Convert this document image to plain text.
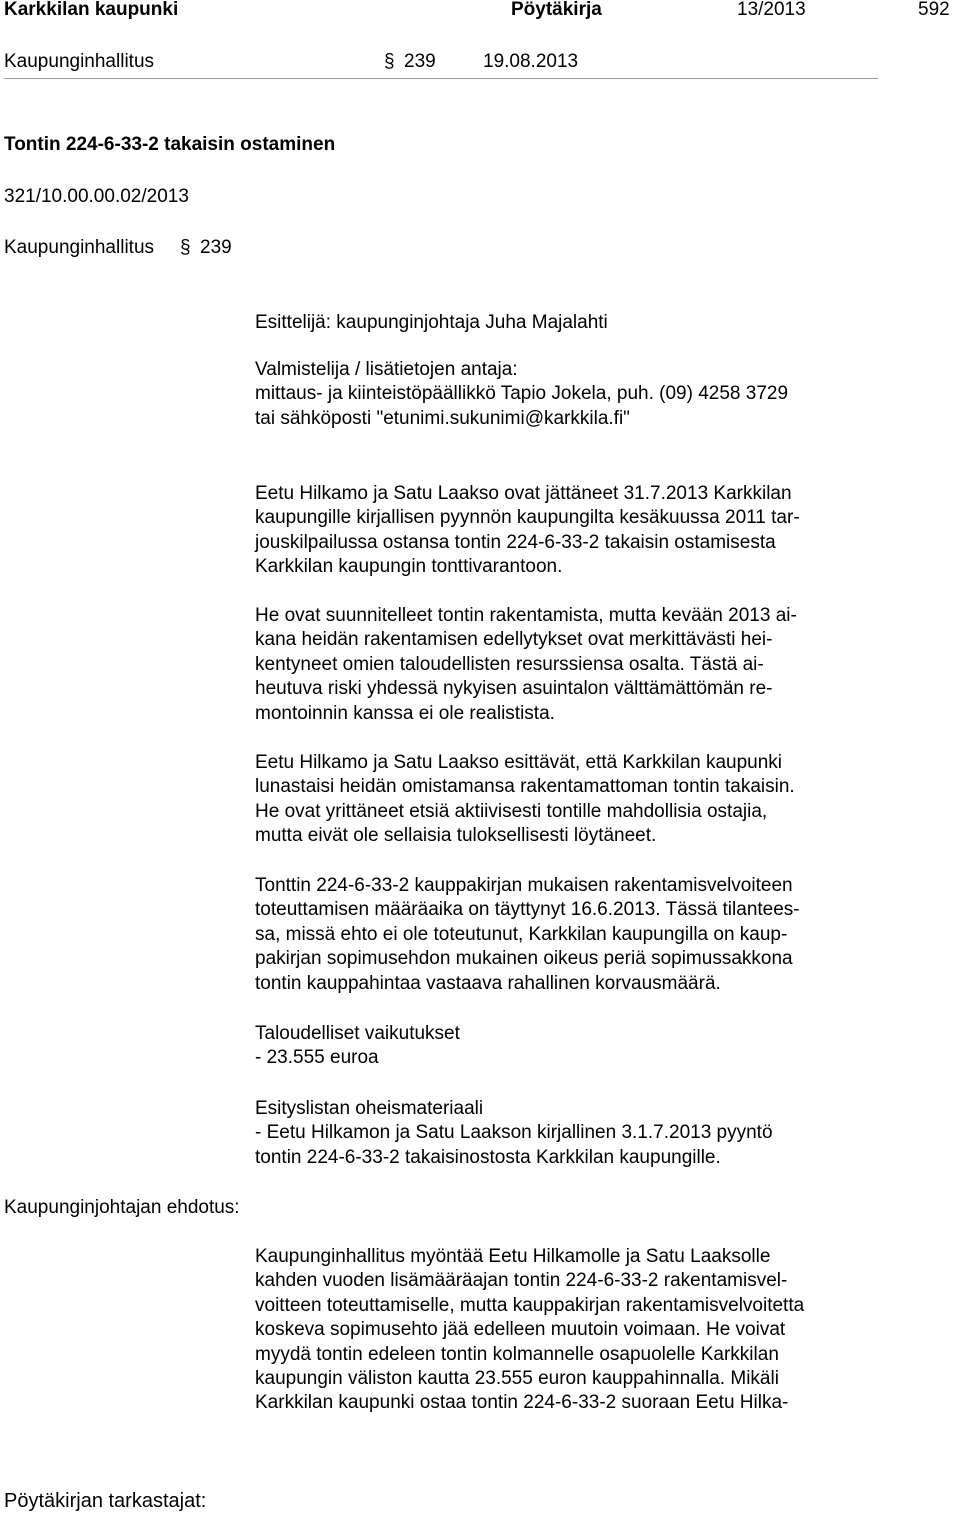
Karkkilan kaupunki	Pöytäkirja	13/2013	592
Kaupunginhallitus	§ 239 19.08.2013
Tontin 224-6-33-2 takaisin ostaminen
321/10.00.00.02/2013
Kaupunginhallitus § 239
Esittelijä: kaupunginjohtaja Juha Majalahti
Valmistelija / lisätietojen antaja:
mittaus- ja kiinteistöpäällikkö Tapio Jokela, puh. (09) 4258 3729
tai sähköposti "etunimi.sukunimi@karkkila.fi"
Eetu Hilkamo ja Satu Laakso ovat jättäneet 31.7.2013 Karkkilan
kaupungille kirjallisen pyynnön kaupungilta kesäkuussa 2011 tar-
jouskilpailussa ostansa tontin 224-6-33-2 takaisin ostamisesta
Karkkilan kaupungin tonttivarantoon.
He ovat suunnitelleet tontin rakentamista, mutta kevään 2013 ai-
kana heidän rakentamisen edellytykset ovat merkittävästi hei-
kentyneet omien taloudellisten resurssiensa osalta. Tästä ai-
heutuva riski yhdessä nykyisen asuintalon välttämättömän re-
montoinnin kanssa ei ole realistista.
Eetu Hilkamo ja Satu Laakso esittävät, että Karkkilan kaupunki
lunastaisi heidän omistamansa rakentamattoman tontin takaisin.
He ovat yrittäneet etsiä aktiivisesti tontille mahdollisia ostajia,
mutta eivät ole sellaisia tuloksellisesti löytäneet.
Tonttin 224-6-33-2 kauppakirjan mukaisen rakentamisvelvoiteen
toteuttamisen määräaika on täyttynyt 16.6.2013. Tässä tilantees-
sa, missä ehto ei ole toteutunut, Karkkilan kaupungilla on kaup-
pakirjan sopimusehdon mukainen oikeus periä sopimussakkona
tontin kauppahintaa vastaava rahallinen korvausmäärä.
Taloudelliset vaikutukset
- 23.555 euroa
Esityslistan oheismateriaali
- Eetu Hilkamon ja Satu Laakson kirjallinen 3.1.7.2013 pyyntö
tontin 224-6-33-2 takaisinostosta Karkkilan kaupungille.
Kaupunginjohtajan ehdotus:
Kaupunginhallitus myöntää Eetu Hilkamolle ja Satu Laaksolle
kahden vuoden lisämääräajan tontin 224-6-33-2 rakentamisvel-
voitteen toteuttamiselle, mutta kauppakirjan rakentamisvelvoitetta
koskeva sopimusehto jää edelleen muutoin voimaan. He voivat
myydä tontin edeleen tontin kolmannelle osapuolelle Karkkilan
kaupungin väliston kautta 23.555 euron kauppahinnalla. Mikäli
Karkkilan kaupunki ostaa tontin 224-6-33-2 suoraan Eetu Hilka-
Pöytäkirjan tarkastajat:
